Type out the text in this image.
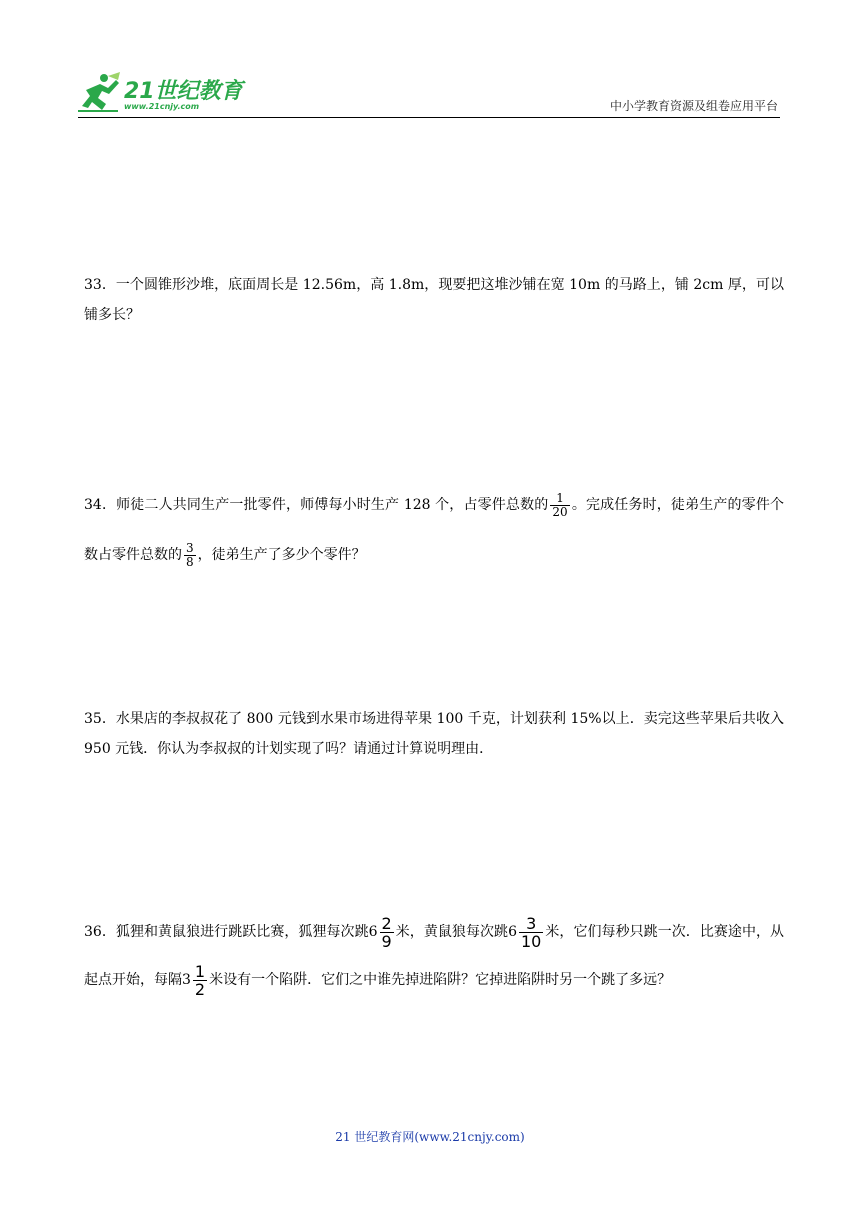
21世纪教育
www.21cnjy.com	中小学教育资源及组卷应用平台
33．一个圆锥形沙堆，底面周长是 12.56m，高 1.8m，现要把这堆沙铺在宽 10m 的马路上，铺 2cm 厚，可以铺多长？
34．师徒二人共同生产一批零件，师傅每小时生产 128 个，占零件总数的 $\frac{1}{20}$ 。完成任务时，徒弟生产的零件个数占零件总数的 $\frac{3}{8}$ ，徒弟生产了多少个零件？
35．水果店的李叔叔花了 800 元钱到水果市场进得苹果 100 千克，计划获利 15%以上．卖完这些苹果后共收入 950 元钱．你认为李叔叔的计划实现了吗？请通过计算说明理由．
36．狐狸和黄鼠狼进行跳跃比赛，狐狸每次跳$6 \frac{2}{9}$ 米，黄鼠狼每次跳$6 \frac{3}{10}$ 米，它们每秒只跳一次．比赛途中，从起点开始，每隔$3 \frac{1}{2}$ 米设有一个陷阱．它们之中谁先掉进陷阱？它掉进陷阱时另一个跳了多远？
21 世纪教育网(www.21cnjy.com)
